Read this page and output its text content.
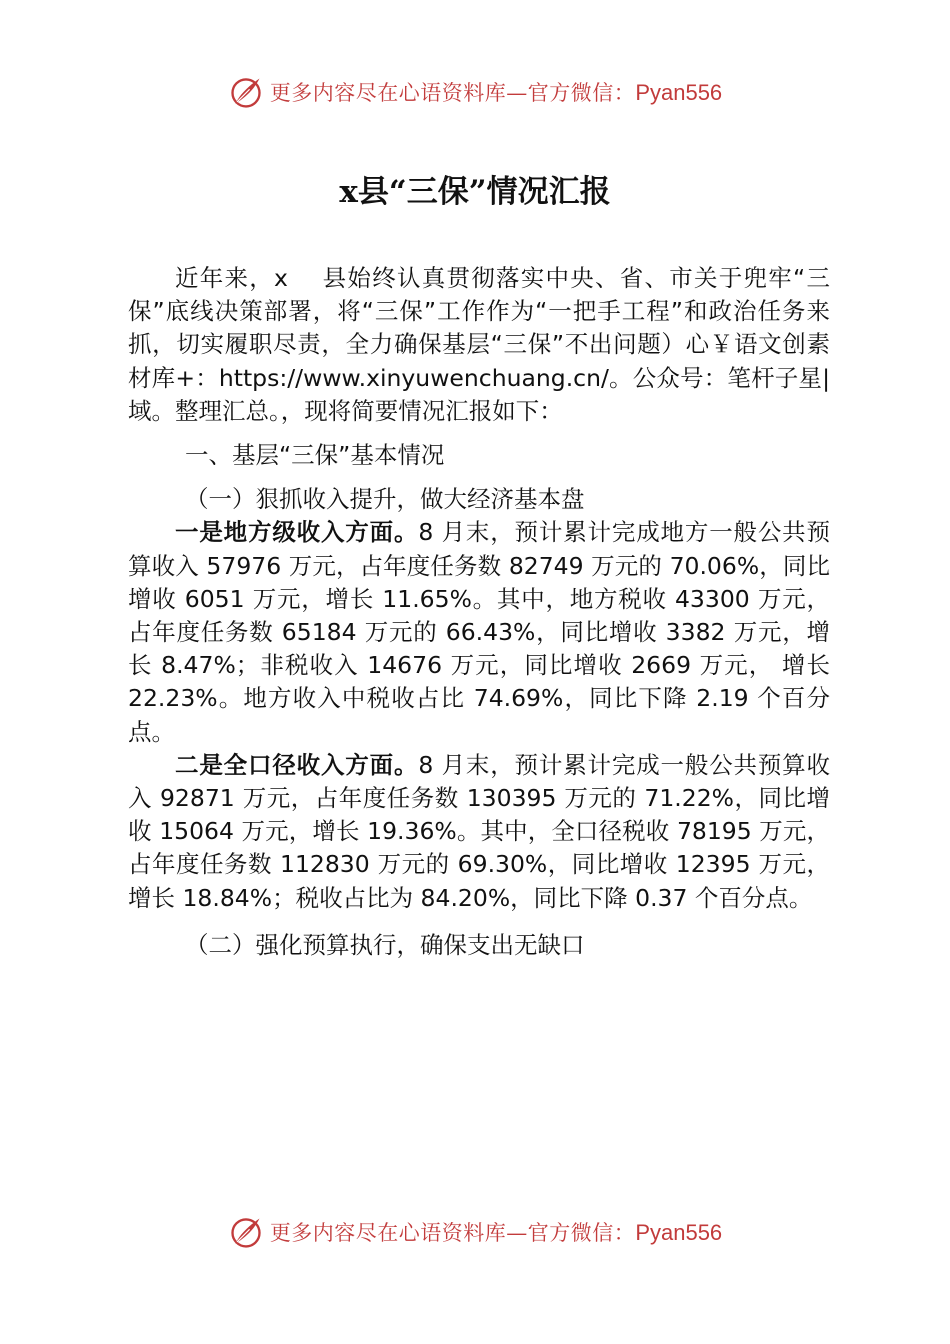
更多内容尽在心语资料库—官方微信：Pyan556
x县“三保”情况汇报

近年来，x　 县始终认真贯彻落实中央、省、市关于兜牢“三保”底线决策部署，将“三保”工作作为“一把手工程”和政治任务来抓，切实履职尽责，全力确保基层“三保”不出问题）心￥语文创素材库+：https://www.xinyuwenchuang.cn/。公众号：笔杆子星|域。整理汇总。，现将简要情况汇报如下：

一、基层“三保”基本情况

（一）狠抓收入提升，做大经济基本盘

一是地方级收入方面。8 月末，预计累计完成地方一般公共预算收入 57976 万元，占年度任务数 82749 万元的 70.06%，同比增收 6051 万元，增长 11.65%。其中，地方税收 43300 万元，占年度任务数 65184 万元的 66.43%，同比增收 3382 万元，增长 8.47%；非税收入 14676 万元，同比增收 2669 万元， 增长 22.23%。地方收入中税收占比 74.69%，同比下降 2.19 个百分点。

二是全口径收入方面。8 月末，预计累计完成一般公共预算收入 92871 万元，占年度任务数 130395 万元的 71.22%，同比增收 15064 万元，增长 19.36%。其中，全口径税收 78195 万元，占年度任务数 112830 万元的 69.30%，同比增收 12395 万元，增长 18.84%；税收占比为 84.20%，同比下降 0.37 个百分点。

（二）强化预算执行，确保支出无缺口

更多内容尽在心语资料库—官方微信：Pyan556
